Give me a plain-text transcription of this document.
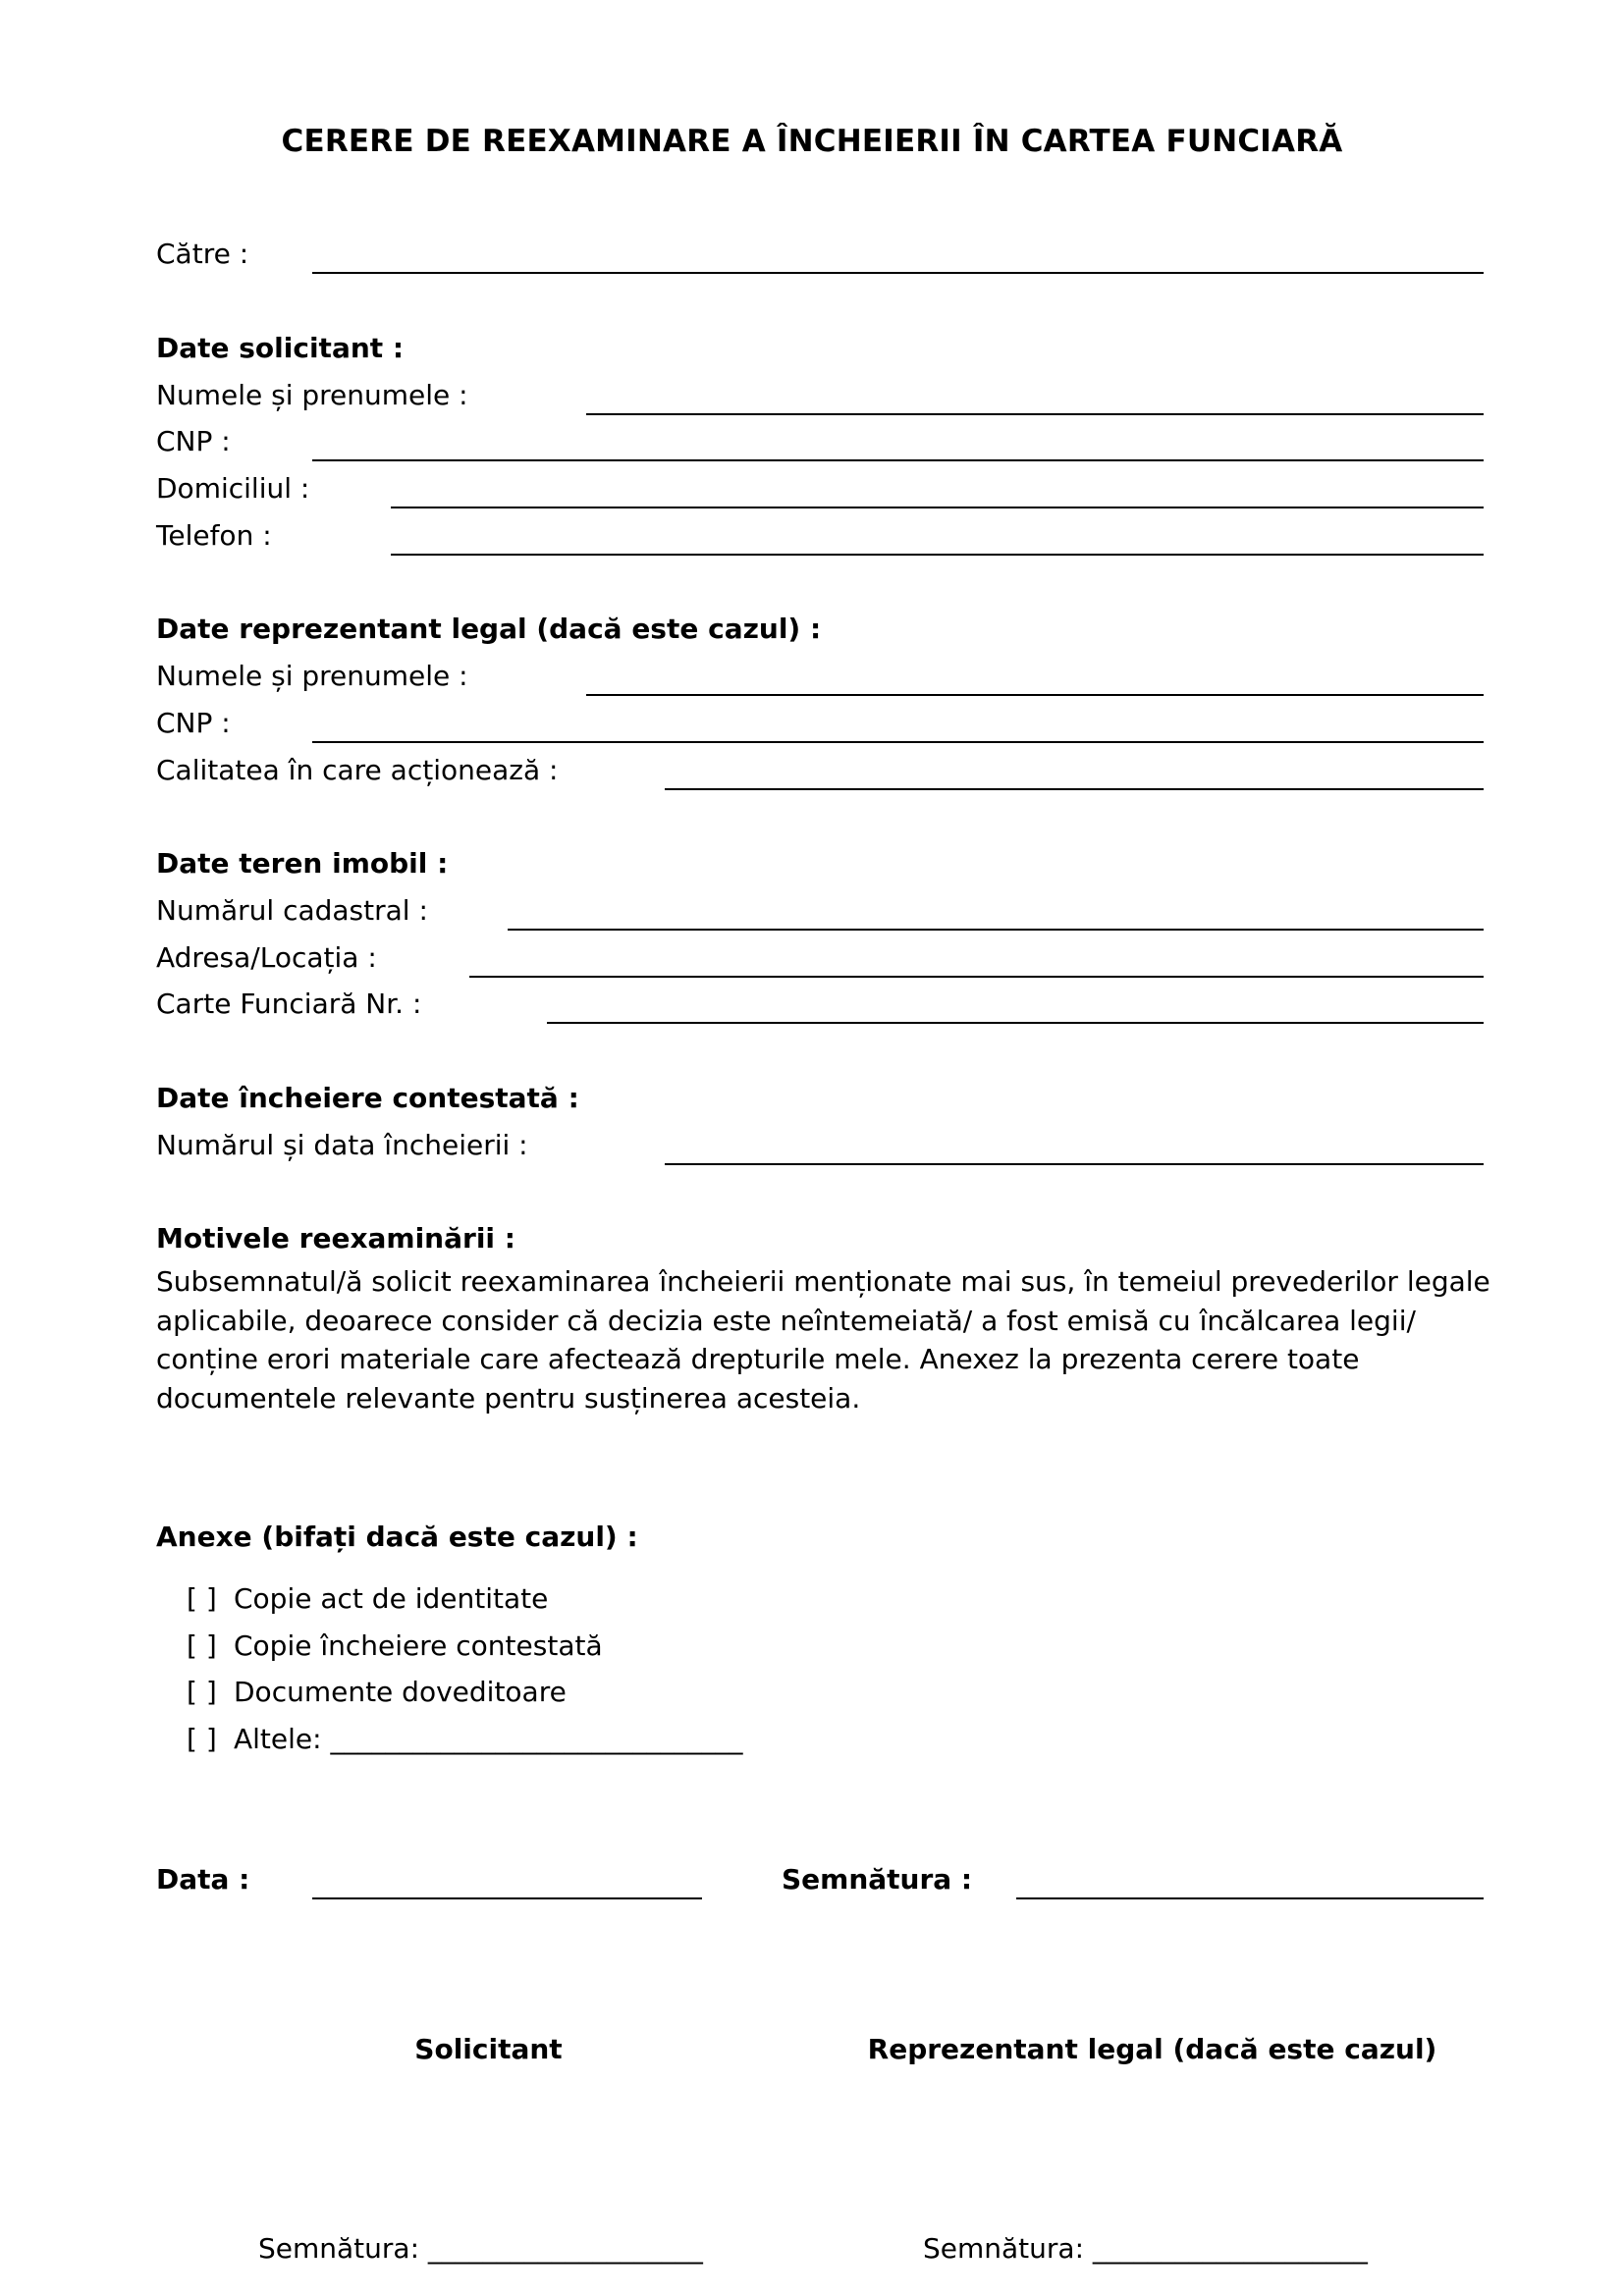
CERERE DE REEXAMINARE A ÎNCHEIERII ÎN CARTEA FUNCIARĂ
Către :
Date solicitant :
Numele și prenumele :
CNP :
Domiciliul :
Telefon :
Date reprezentant legal (dacă este cazul) :
Numele și prenumele :
CNP :
Calitatea în care acționează :
Date teren imobil :
Numărul cadastral :
Adresa/Locația :
Carte Funciară Nr. :
Date încheiere contestată :
Numărul și data încheierii :
Motivele reexaminării :
Subsemnatul/ă solicit reexaminarea încheierii menționate mai sus, în temeiul prevederilor legale aplicabile, deoarece consider că decizia este neîntemeiată/ a fost emisă cu încălcarea legii/ conține erori materiale care afectează drepturile mele. Anexez la prezenta cerere toate documentele relevante pentru susținerea acesteia.
Anexe (bifați dacă este cazul) :
[ ] Copie act de identitate
[ ] Copie încheiere contestată
[ ] Documente doveditoare
[ ] Altele: ______________________________
Data :	Semnătura :
Solicitant	Reprezentant legal (dacă este cazul)
Semnătura: ____________________	Semnătura: ____________________
